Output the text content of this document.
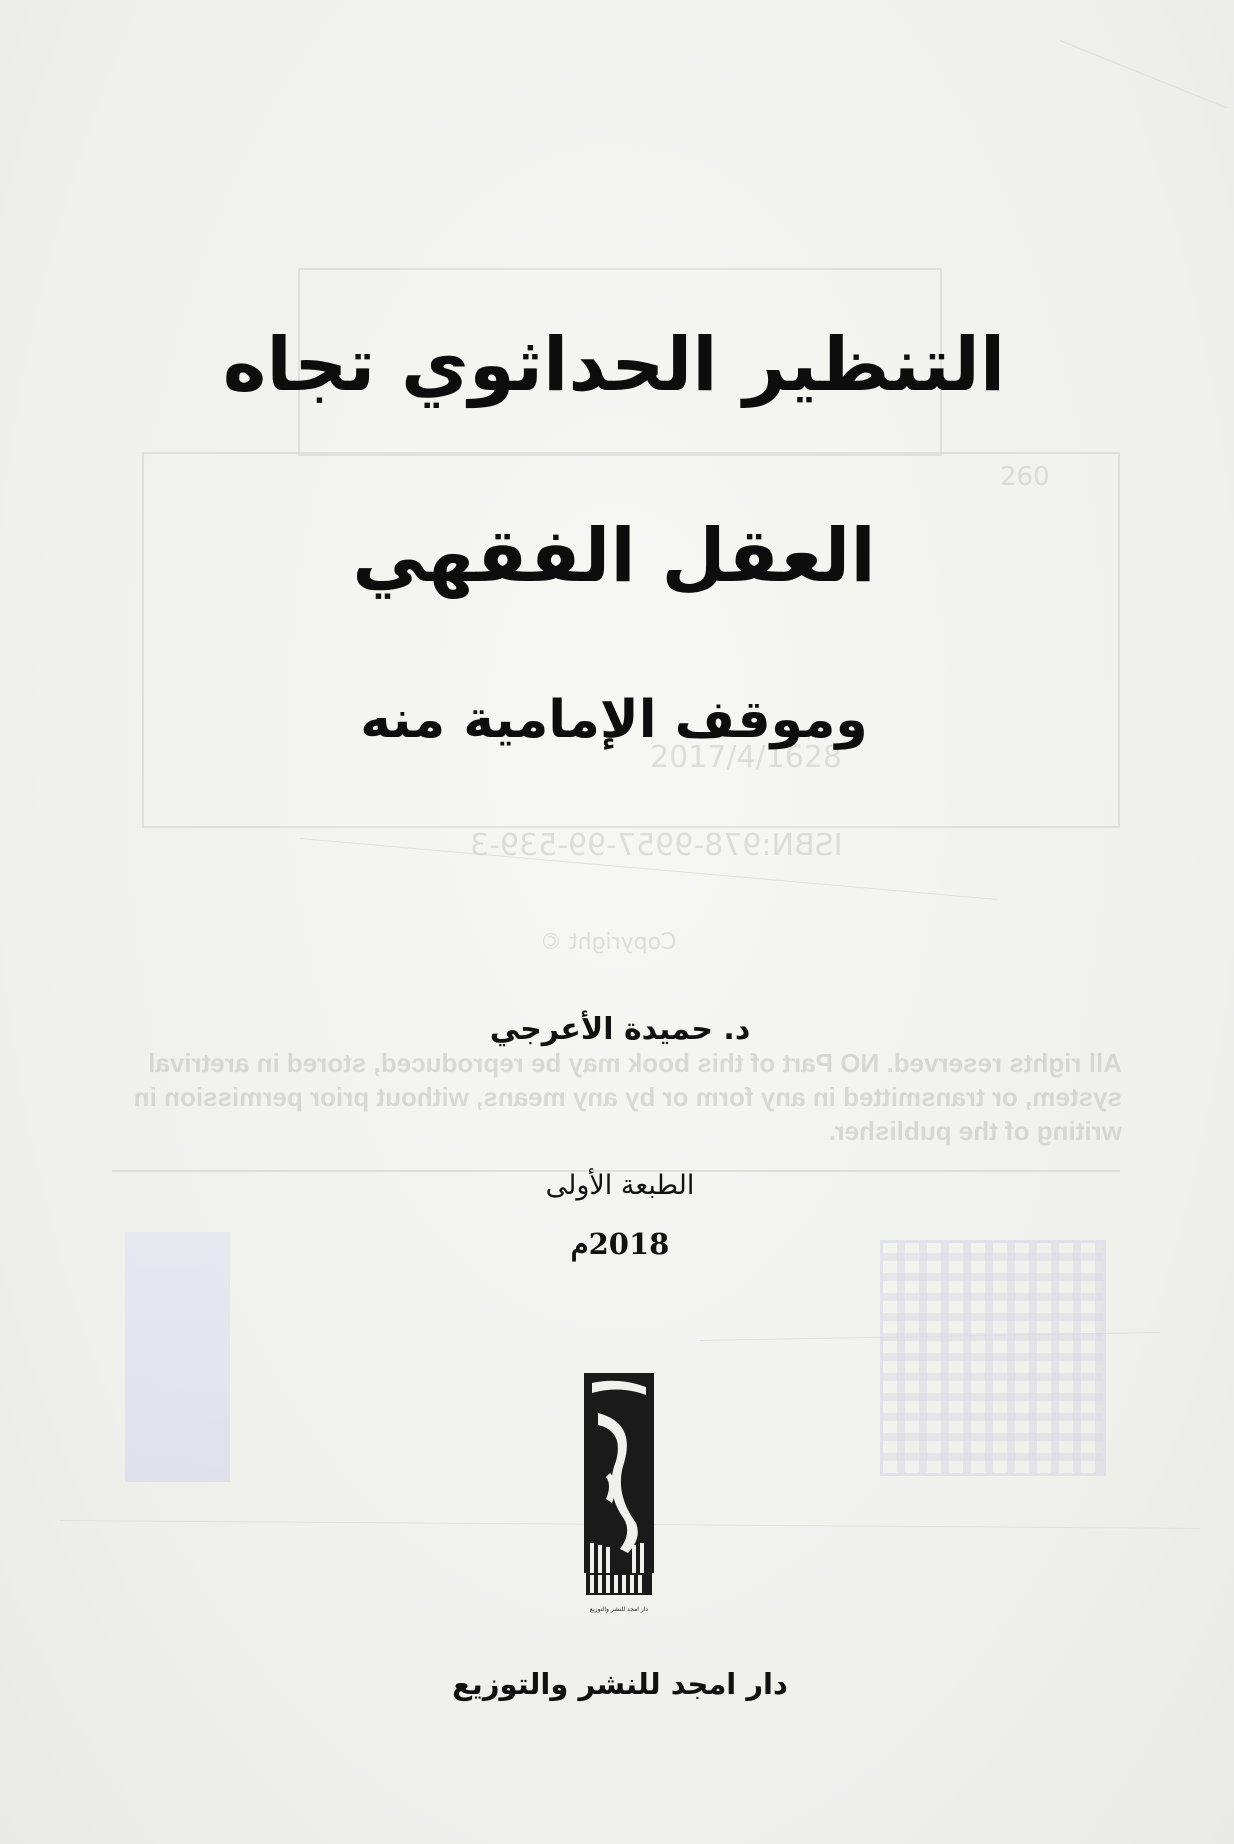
260
2017/4/1628
ISBN:978-9957-99-539-3
Copyright ©
All rights reserved. NO Part of this book may be reproduced, stored in aretrival system, or transmitted in any form or by any means, without prior permission in writing of the publisher.
التنظير الحداثوي تجاه
العقل الفقهي
وموقف الإمامية منه
د. حميدة الأعرجي
الطبعة الأولى
2018م
دار امجد للنشر والتوزيع
دار امجد للنشر والتوزيع
